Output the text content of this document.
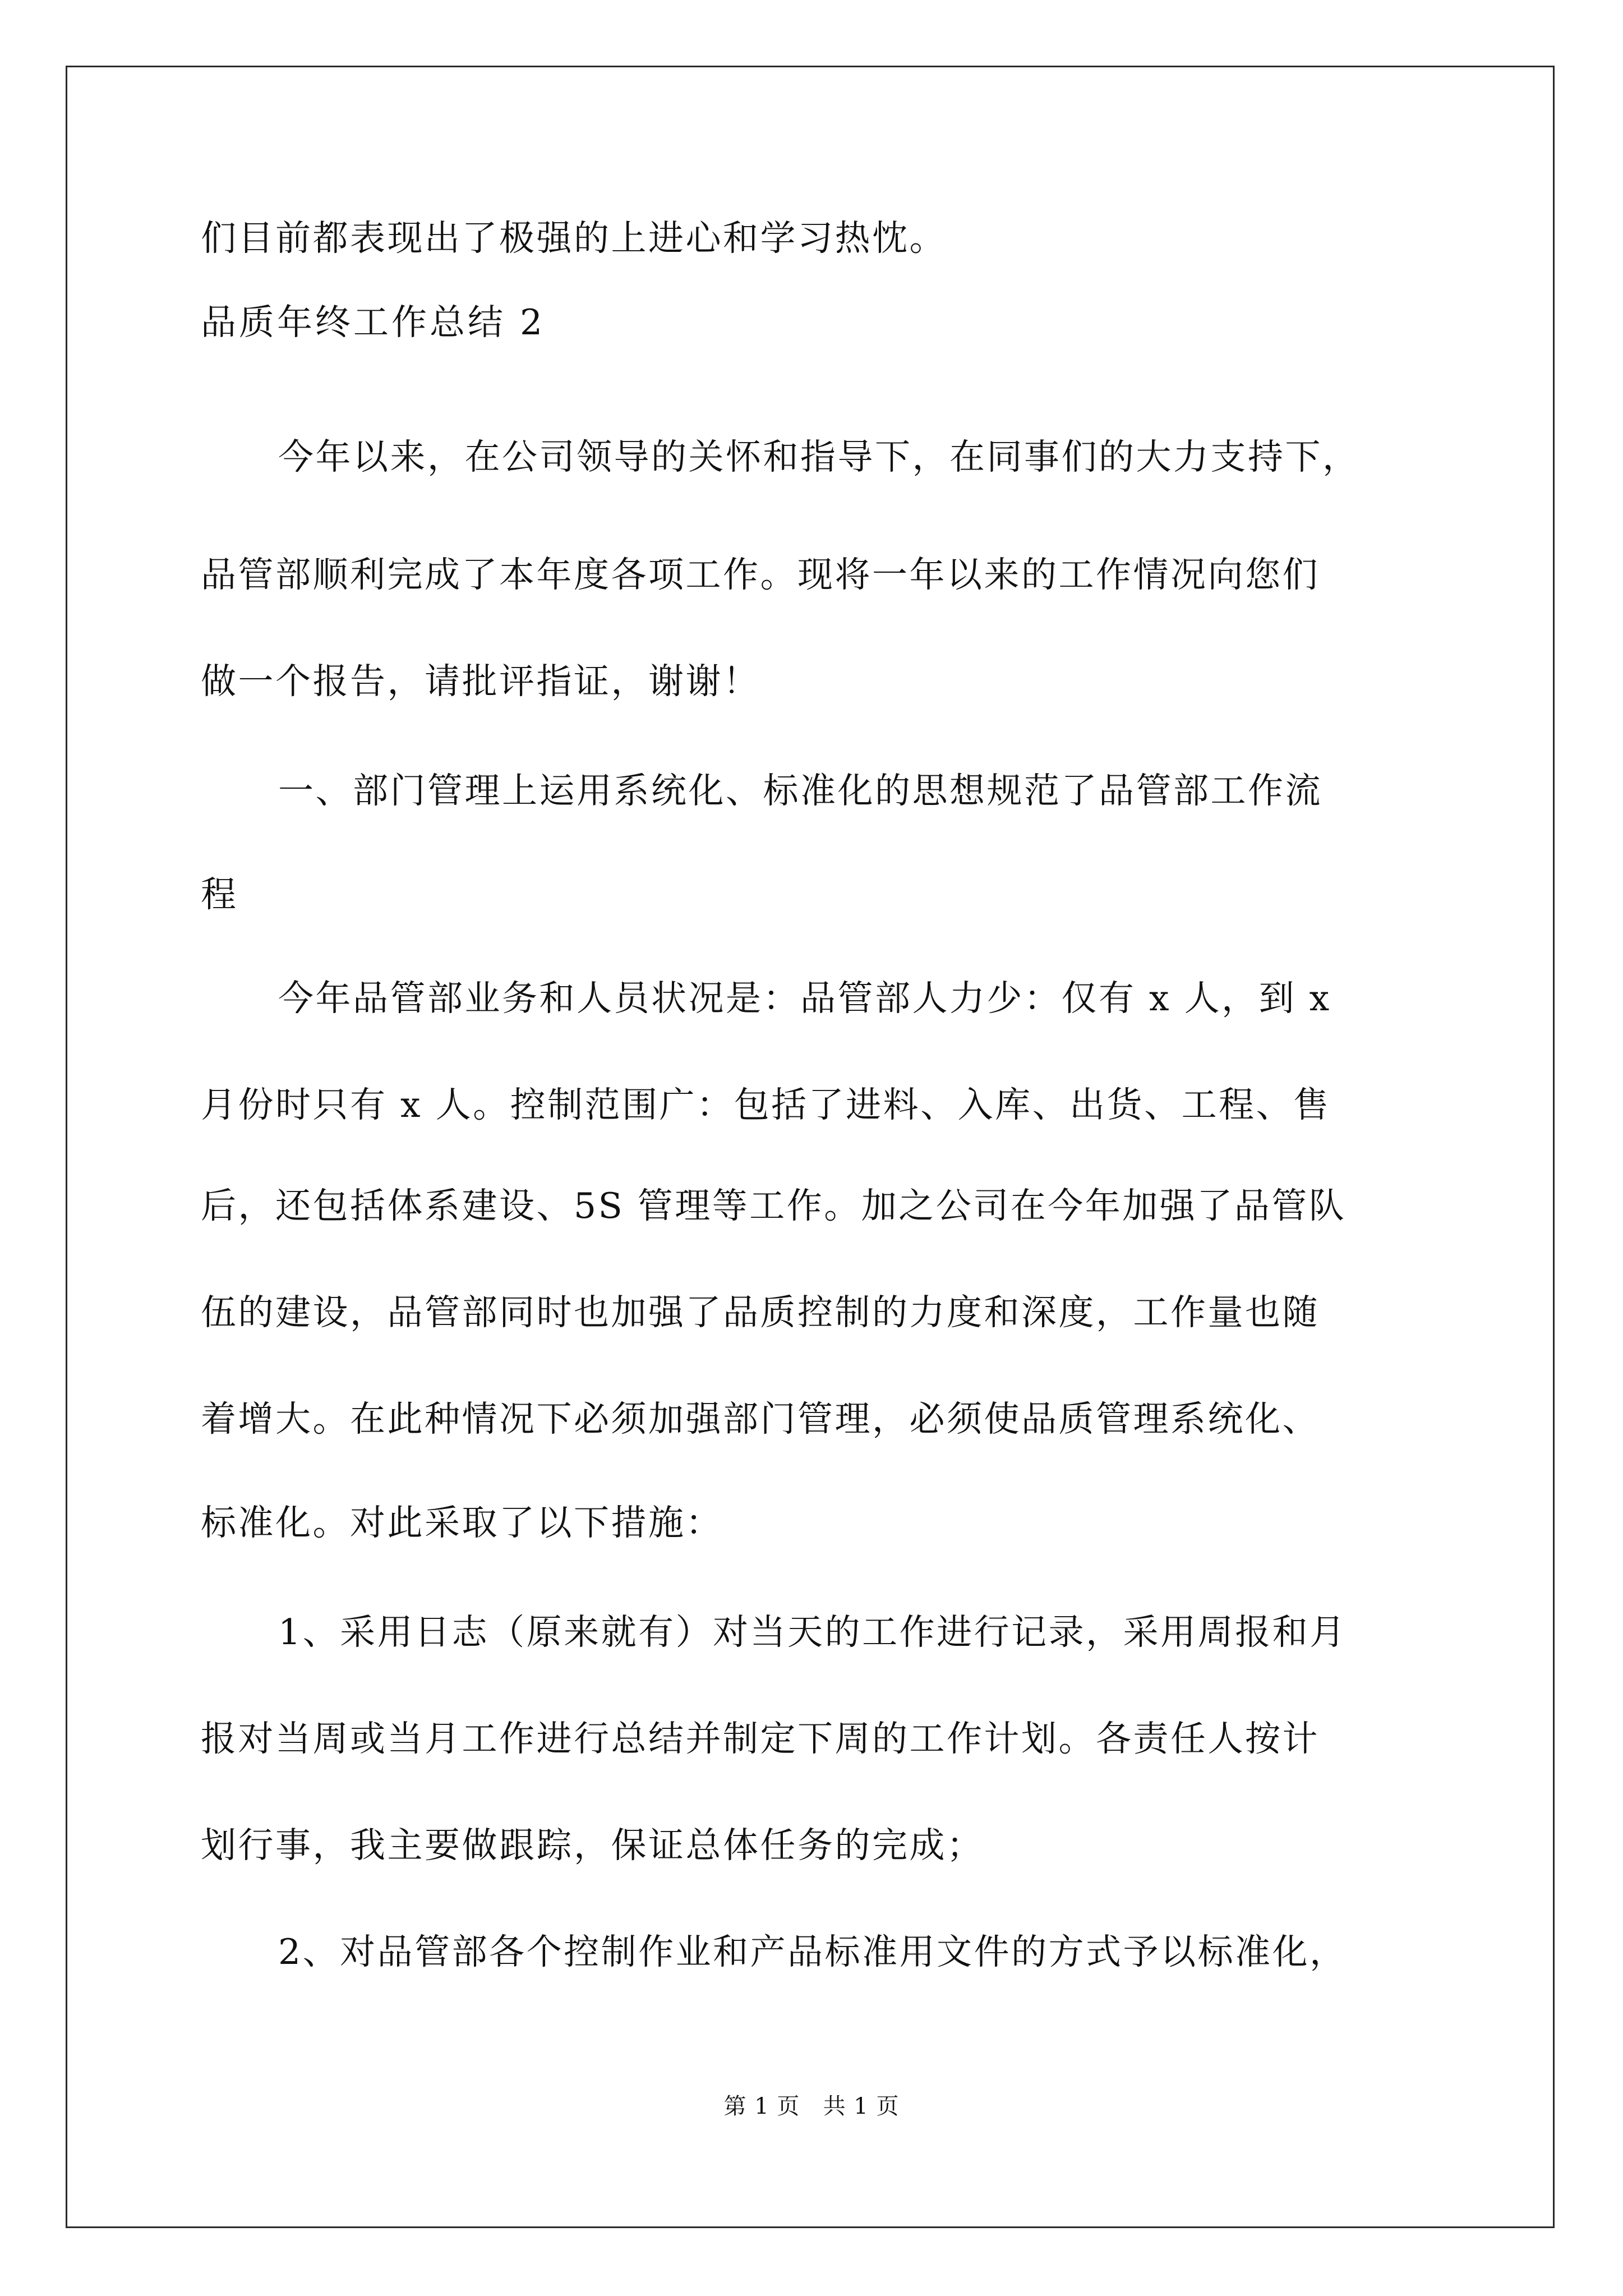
们目前都表现出了极强的上进心和学习热忱。
品质年终工作总结 2
今年以来，在公司领导的关怀和指导下，在同事们的大力支持下，
品管部顺利完成了本年度各项工作。现将一年以来的工作情况向您们
做一个报告，请批评指证，谢谢！
一、部门管理上运用系统化、标准化的思想规范了品管部工作流
程
今年品管部业务和人员状况是：品管部人力少：仅有 x 人，到 x
月份时只有 x 人。控制范围广：包括了进料、入库、出货、工程、售
后，还包括体系建设、5S 管理等工作。加之公司在今年加强了品管队
伍的建设，品管部同时也加强了品质控制的力度和深度，工作量也随
着增大。在此种情况下必须加强部门管理，必须使品质管理系统化、
标准化。对此采取了以下措施：
1、采用日志（原来就有）对当天的工作进行记录，采用周报和月
报对当周或当月工作进行总结并制定下周的工作计划。各责任人按计
划行事，我主要做跟踪，保证总体任务的完成；
2、对品管部各个控制作业和产品标准用文件的方式予以标准化，
第 1 页   共 1 页
